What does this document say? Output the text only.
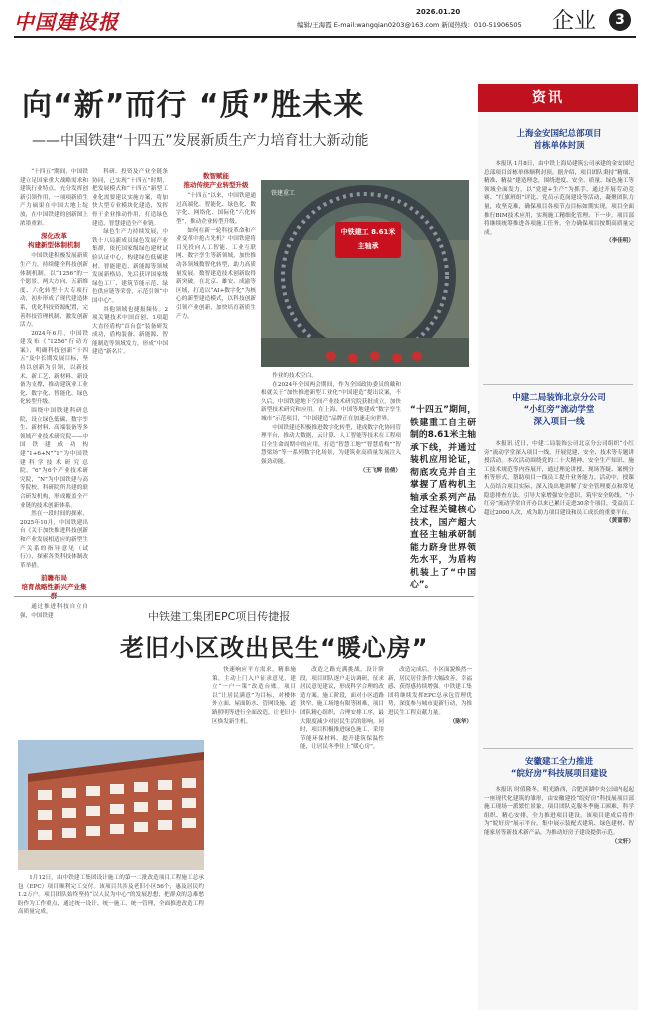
中国建设报	2026.01.20
编辑/王海霞 E-mail:wangqian0203@163.com 新闻热线：010-51906505 企业	3
向“新”而行 “质”胜未来
——中国铁建“十四五”发展新质生产力培育壮大新动能

“十四五”期间，中国铁建立足国家重大战略需求和建筑行业特点，充分发挥创新引领作用，一项项新质生产力硕果在中国大地上绽放，在中国铁建的创新图上浓墨重彩。

深化改革
构建新型体制机制

中国铁建积极发展新质生产力，持续健全科技创新体制机制，以“1256”的一个愿景、两大方向、五新维度、六化转型十大专项行动，初步形成了现代建造体系，优化科技资源配置，完善科技管理机制，激发创新活力。

2024年6月，中国铁建发布《“1256”行动方案》，明确科技创新“十四五”及中长期发展目标，坚持以创新为引领，以新技术、新工艺、新材料、新设备为支撑，推动建筑业工业化、数字化、智能化、绿色化转型升级。

围绕中国铁建科研总院，设立绿色低碳、数字孪生、新材料、高端装备等多领域产业技术研究院——中国铁建成功构建“1+6+N”“1”为中国铁建科学技术研究总院，“6”为6个产业技术研究院，“N”为中国铁建与高等院校、科研院所共建的联合研发机构，形成覆盖全产业链的技术创新体系。

然在一段时间的探索，2025年10月，中国铁建出台《关于加快推进科技创新和产业发展相适应的新型生产关系的指导意见（试行）》，探索各类科技体制改革举措。

前瞻布局
培育战略性新兴产业集

通过推进科技自立自强，中国铁建

科研、投资及产业全链条协同，已实现“十四五”时期，把发展模式和“十四五”新型工业化需要建议实施方案，将加快大型专业模块化建造，发挥骨干企业推动作用，打造绿色建造、智慧建造全产业链。

绿色生产力持续发展，中铁十八局新成员绿色发展产业集群，依托国家级绿色建材试验认证中心，构建绿色低碳建材、智能建造、新能源等领域发展新格局，先后获评国家级绿色工厂、建筑节能示范、绿色供应链等荣誉，示范引领“中国中心”。

其他领域也捷报频传。2项关键技术中国首创、1项超大直径盾构“首台套”装备研发成功，盾构装备、新能源、智能制造等领域发力，形成“中国建造”新名片。

数智赋能
推动传统产业转型升级

“十四五”以来，中国铁建通过高端化、智能化、绿色化、数字化、网络化、国际化“六化转型”，推动企业转型升级。

如何在新一轮科技革命和产业变革中抢占先机？中国铁建将目光投向人工智能、工业互联网、数字孪生等新领域，加快推动各领域数智化转型，助力高质量发展。数智建造技术创新取得新突破。在北京、雄安、成渝等区域，打造以“AI+数字化”为核心的新型建造模式，以科技创新引领产业创新，加快培育新质生产力。

铁建重工
中铁建工 8.61米
主轴承

作业的技术空白。

在2024年全国两会期间，作为全国政协委员的戴和根就关于“加快推进新型工业化”中国建造“提出议案，不久后，中国铁建地下空间产业技术研究院获批成立，加快新型技术研究和应用。在上海、中国等地建成“数字孪生城市”示范项目，“中国建造”品牌正在加速走向世界。

中国铁建还积极推进数字化转型，建成数字化协同管理平台，推动大数据、云计算、人工智能等技术在工程项目全生命周期中的应用，打造“智慧工地”“智慧盾构”“智慧梁场”等一系列数字化场景，为建筑业高质量发展注入强劲动能。

（王飞辉 岳倩）

“十四五”期间，铁建重工自主研制的8.61米主轴承下线，并通过装机应用论证，彻底攻克并自主掌握了盾构机主轴承全系列产品全过程关键核心技术，国产超大直径主轴承研制能力跻身世界领先水平，为盾构机装上了“中国心”。
资讯
上海金安国纪总部项目
首栋单体封顶

本报讯 1月8日，由中铁上海局建筑公司承建的金安国纪总部项目首栋单体顺利封顶。据介绍，项目团队秉持“精细、精准、精益”建造理念，围绕进度、安全、质量、绿色施工等领域全面发力，以“党建+生产”为抓手，通过开展劳动竞赛、“红旗班组”评比、党员示范岗建设等活动，凝聚团队力量，攻坚克难，确保项目各项节点目标如期实现。项目全面推行BIM技术应用，实现施工精细化管理。下一步，项目部将继续统筹推进各项施工任务，全力确保项目按期高质量完成。

（李佳明）

中建二局装饰北京分公司
“小红旁”流动学堂
深入项目一线

本报讯 近日，中建二局装饰公司北京分公司组织“小红旁”流动学堂深入项目一线，开展党建、安全、技术等专题讲授活动。本次活动围绕党的二十大精神、安全生产知识、施工技术规范等内容展开，通过理论讲授、现场答疑、案例分析等形式，帮助项目一线员工提升业务能力。活动中，授课人员结合项目实际，深入浅出地讲解了安全管理要点和常见隐患排查方法，引导大家增强安全意识，筑牢安全防线。“小红旁”流动学堂自开办以来已累计走进30余个项目，受益员工超过2000人次，成为助力项目建设和员工成长的重要平台。

（黄蔷蓉）

安徽建工全力推进
“皖好房”科技展项目建设

本报讯 时值隆冬，明光路西，合肥滨湖中央公园内起起一座现代化建筑的雏形，由安徽建投“皖好房”科技展项目部施工现场一派繁忙景象。项目团队克服冬季施工困难，科学组织、精心安排，全力推进项目建设。该项目建成后将作为“皖好房”展示平台，集中展示装配式建筑、绿色建材、智能家居等新技术新产品，为推动好房子建设提供示范。

（文轩）

中铁建工集团EPC项目传捷报
老旧小区改出民生“暖心房”

1月12日，由中铁建工集团设计施工的第一二批改造项目工程施工总承包（EPC）项目顺利完工交付。该项目共涉及老旧小区56个，惠及居民约1.2万户。项目团队始终坚持“以人民为中心”的发展思想，把群众的急难愁盼作为工作重点，通过统一设计、统一施工、统一管理，全面推进改造工程高质量完成。

快速响应平方需求，精准施策，主动上门入户征求意见，建立“一户一策”改造台账。项目以“让居民满意”为目标，对楼体外立面、屋面防水、管网设施、道路照明等进行全面改造，让老旧小区焕发新生机。

改造之路充满挑战。设计阶段，项目团队逐户走访调研，征求居民意见建议，形成科学合理的改造方案。施工阶段，面对小区道路狭窄、施工场地有限等困难，项目团队精心组织，合理安排工序，最大限度减少对居民生活的影响。同时，项目积极推进绿色施工，采用节能环保材料，提升建筑保温性能，让居民冬季住上“暖心房”。

改造完成后，小区面貌焕然一新，居民居住条件大幅改善，幸福感、获得感持续增强。中铁建工集团将继续发挥EPC总承包管理优势，深度参与城市更新行动，为推进民生工程贡献力量。

（陈华）
